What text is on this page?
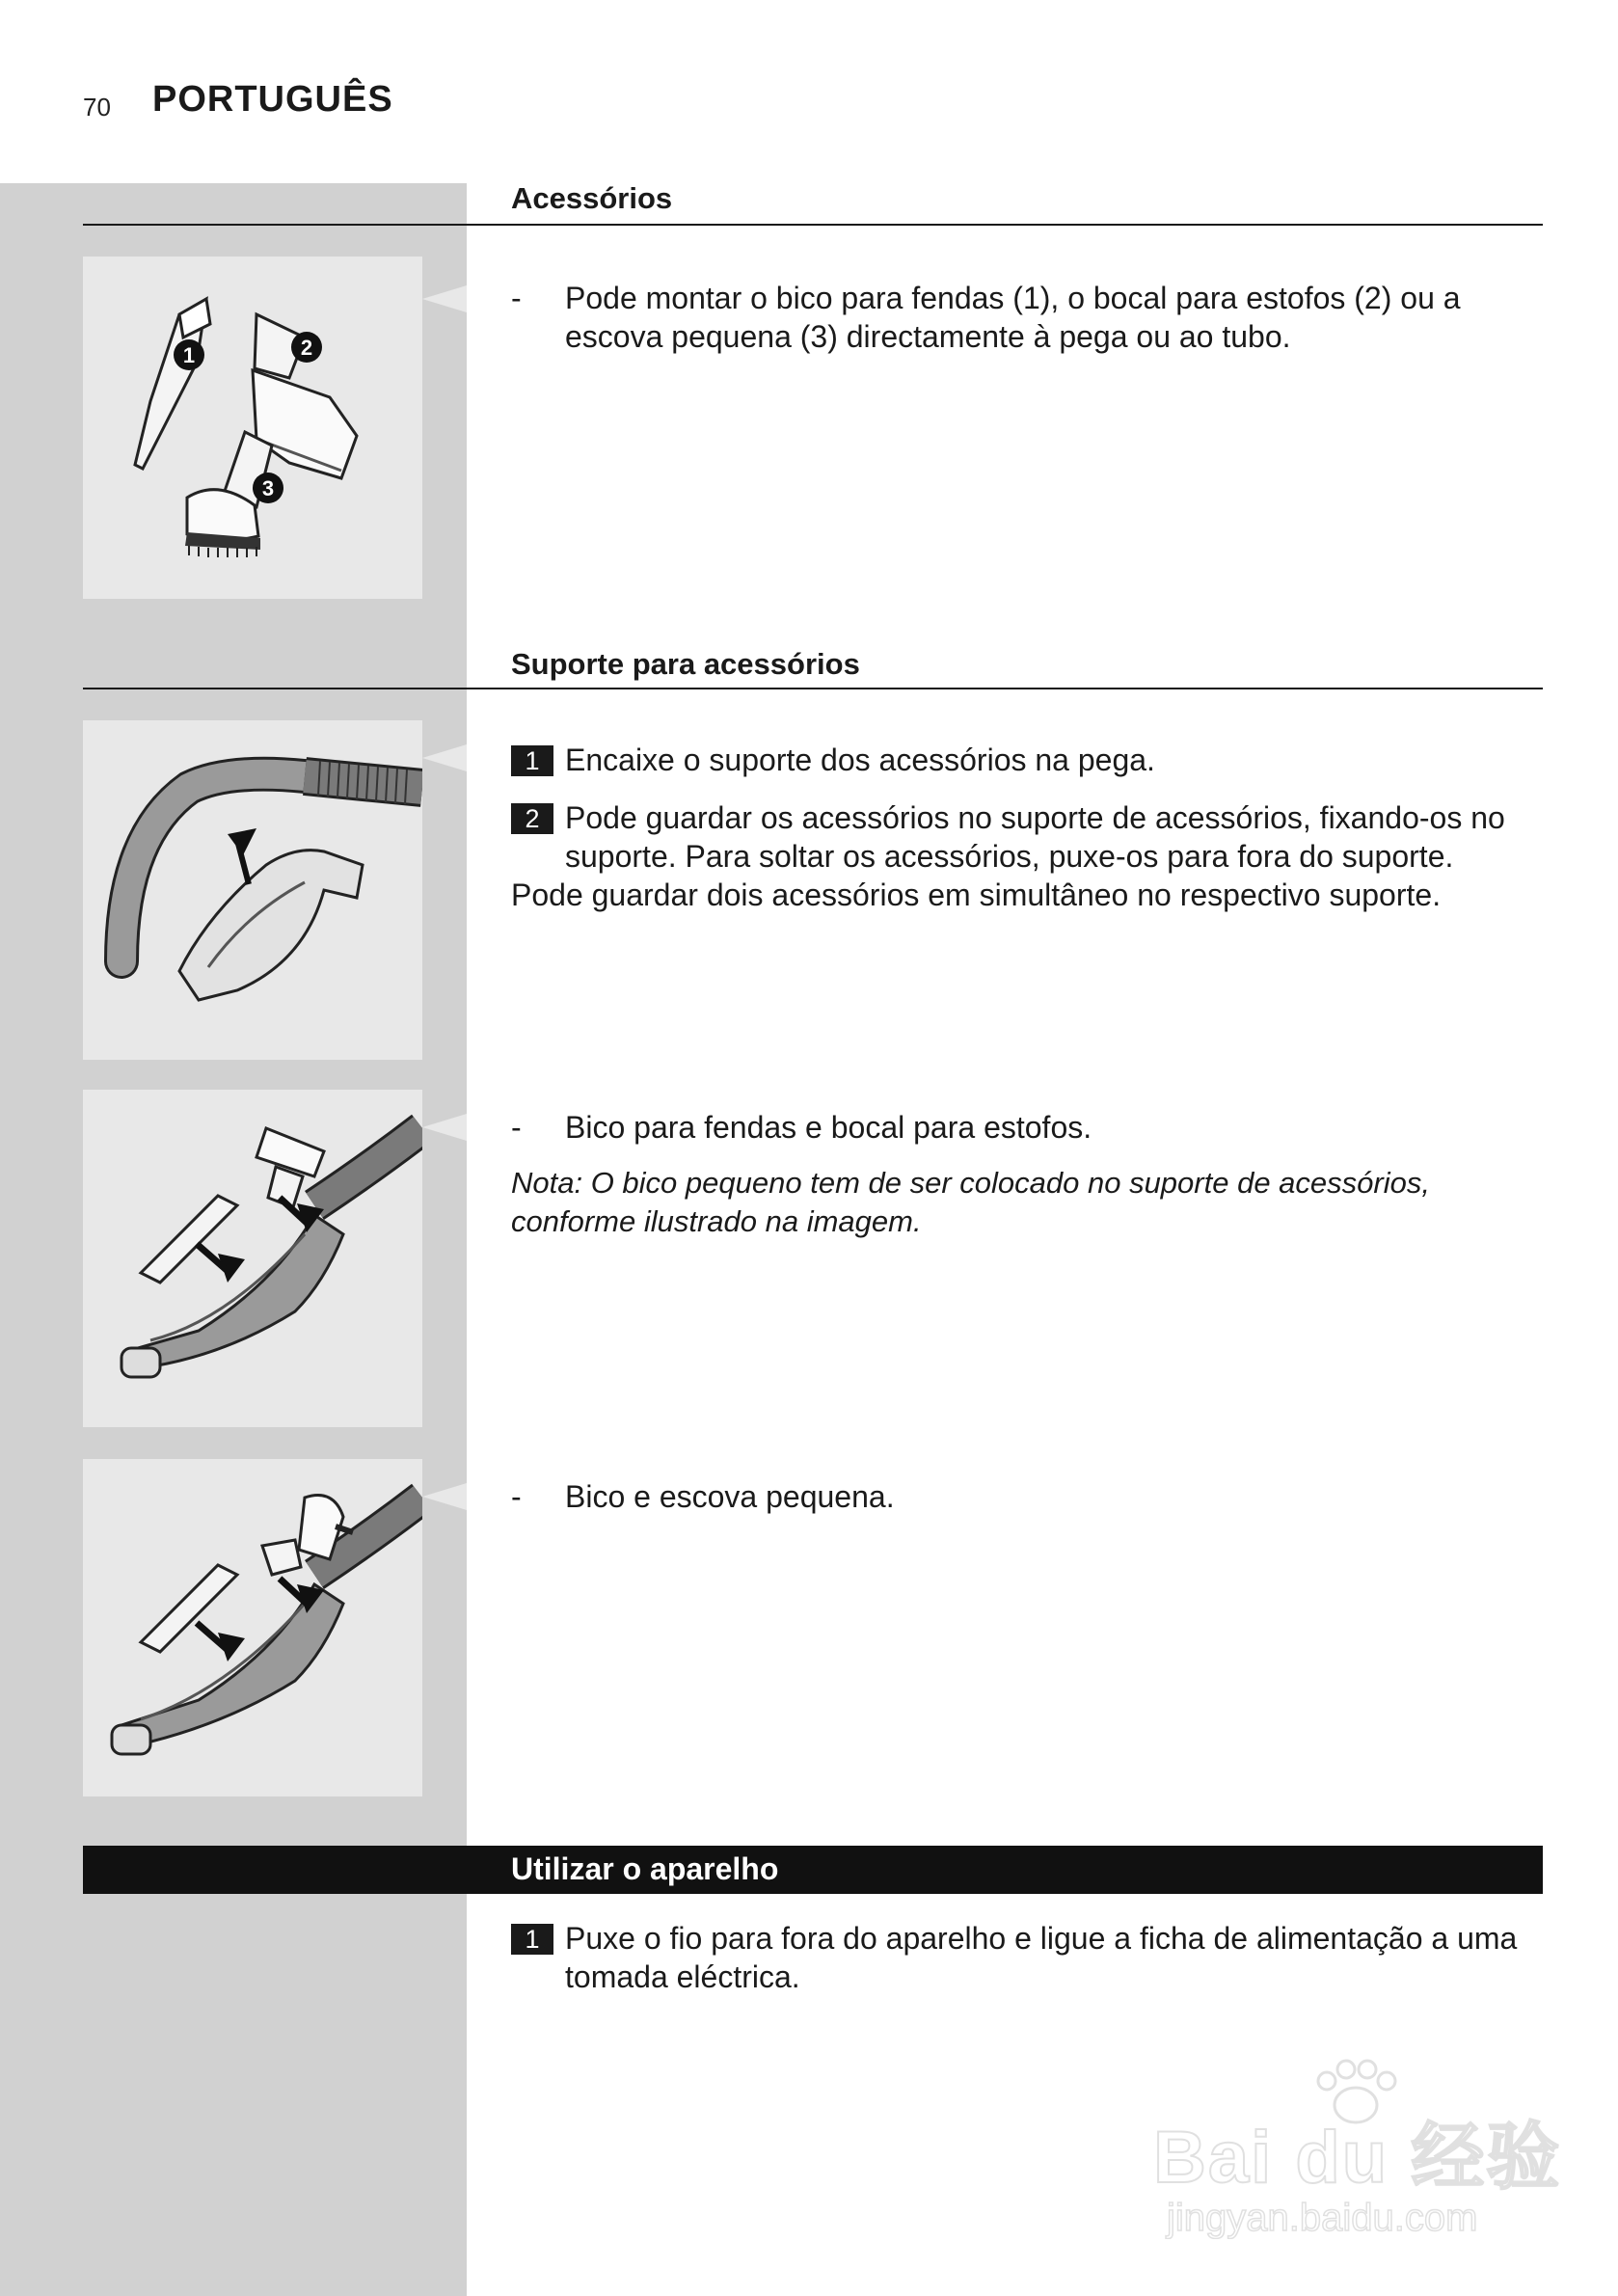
70 PORTUGUÊS
Acessórios
1	2
3
- Pode montar o bico para fendas (1), o bocal para estofos (2) ou a escova pequena (3) directamente à pega ou ao tubo.
Suporte para acessórios
1 Encaixe o suporte dos acessórios na pega.
2 Pode guardar os acessórios no suporte de acessórios, fixando-os no suporte. Para soltar os acessórios, puxe-os para fora do suporte.
Pode guardar dois acessórios em simultâneo no respectivo suporte.
- Bico para fendas e bocal para estofos.
Nota: O bico pequeno tem de ser colocado no suporte de acessórios, conforme ilustrado na imagem.
- Bico e escova pequena.
Utilizar o aparelho
1 Puxe o fio para fora do aparelho e ligue a ficha de alimentação a uma tomada eléctrica.
Bai du 经验
jingyan.baidu.com
